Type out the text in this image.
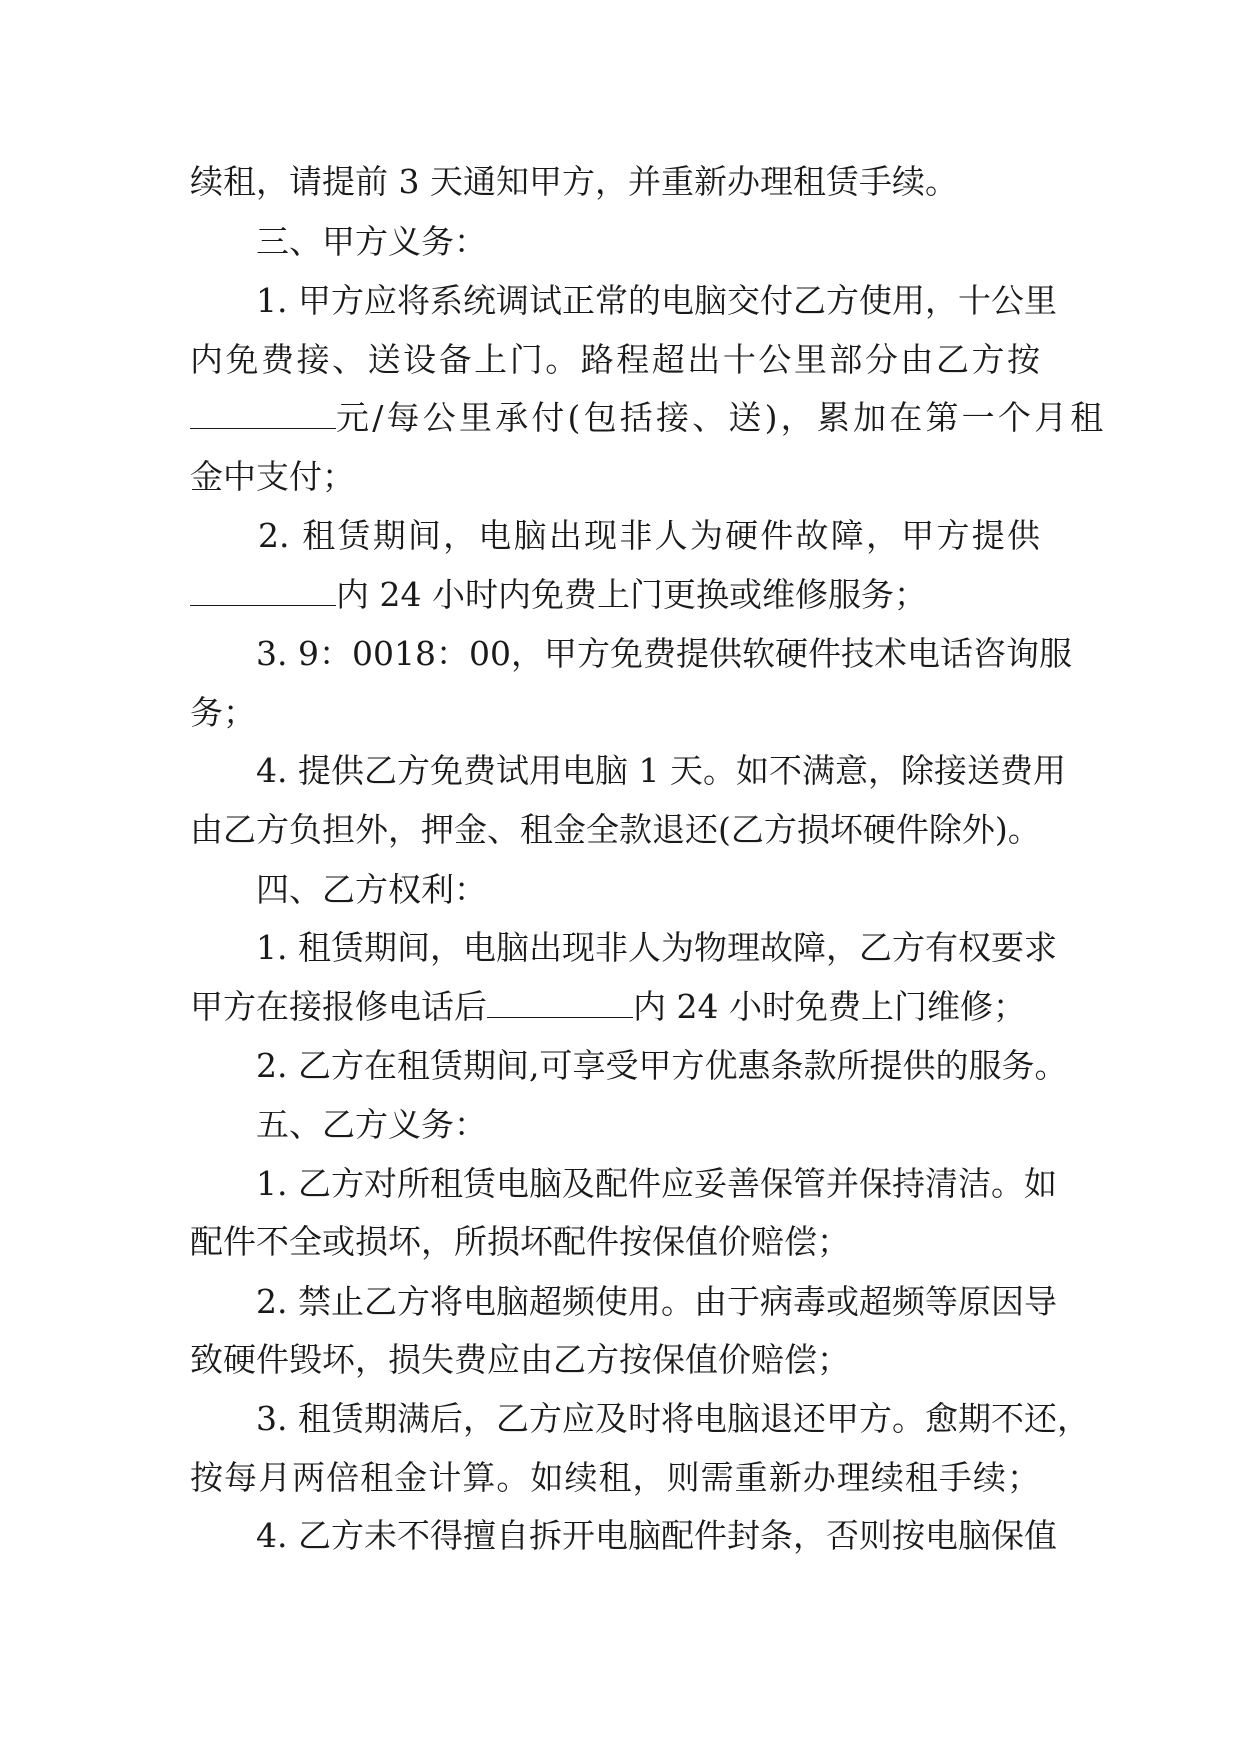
续租，请提前 3 天通知甲方，并重新办理租赁手续。
三、甲方义务：
1. 甲方应将系统调试正常的电脑交付乙方使用，十公里
内免费接、送设备上门。路程超出十公里部分由乙方按
元/每公里承付(包括接、送)，累加在第一个月租
金中支付；
2. 租赁期间，电脑出现非人为硬件故障，甲方提供
内 24 小时内免费上门更换或维修服务；
3. 9：0018：00，甲方免费提供软硬件技术电话咨询服
务；
4. 提供乙方免费试用电脑 1 天。如不满意，除接送费用
由乙方负担外，押金、租金全款退还(乙方损坏硬件除外)。
四、乙方权利：
1. 租赁期间，电脑出现非人为物理故障，乙方有权要求
甲方在接报修电话后	内 24 小时免费上门维修；
2. 乙方在租赁期间,可享受甲方优惠条款所提供的服务。
五、乙方义务：
1. 乙方对所租赁电脑及配件应妥善保管并保持清洁。如
配件不全或损坏，所损坏配件按保值价赔偿；
2. 禁止乙方将电脑超频使用。由于病毒或超频等原因导
致硬件毁坏，损失费应由乙方按保值价赔偿；
3. 租赁期满后，乙方应及时将电脑退还甲方。愈期不还，
按每月两倍租金计算。如续租，则需重新办理续租手续；
4. 乙方未不得擅自拆开电脑配件封条，否则按电脑保值
